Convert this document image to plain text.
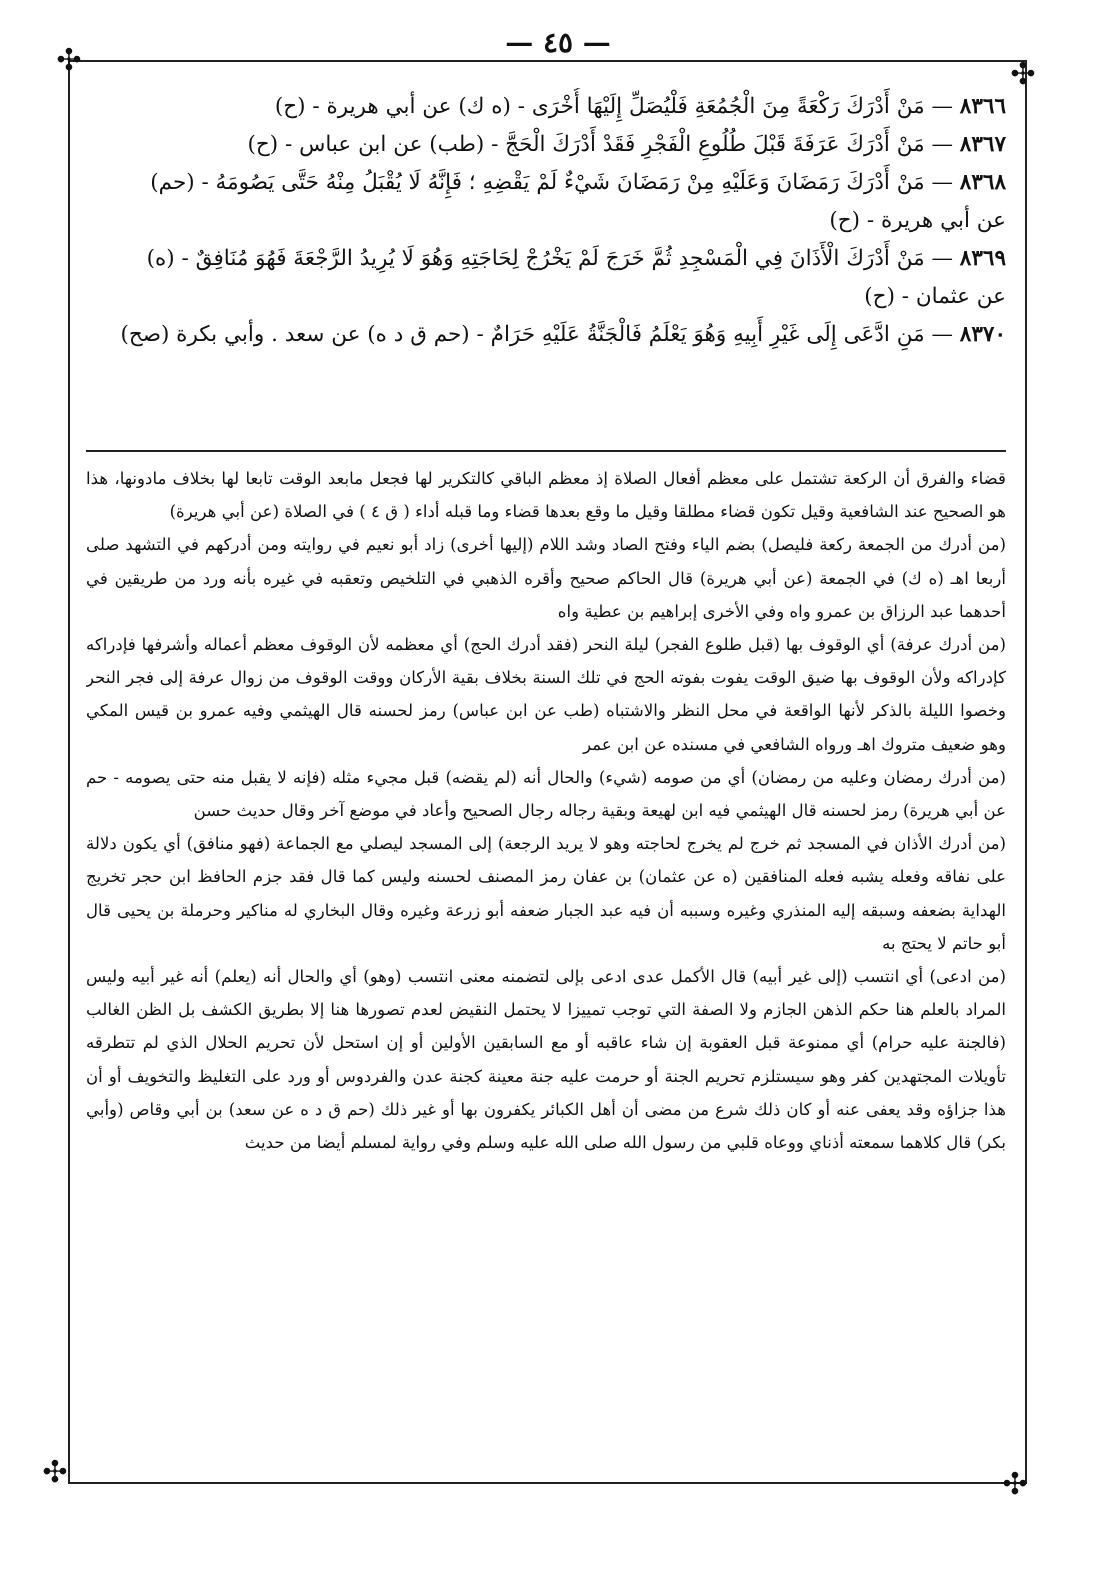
— ٤٥ —
✣	✣
✣	✣

٨٣٦٦ — مَنْ أَدْرَكَ رَكْعَةً مِنَ الْجُمُعَةِ فَلْيُصَلِّ إِلَيْهَا أُخْرَى - (ه ك) عن أبي هريرة - (ح)

٨٣٦٧ — مَنْ أَدْرَكَ عَرَفَةَ قَبْلَ طُلُوعِ الْفَجْرِ فَقَدْ أَدْرَكَ الْحَجَّ - (طب) عن ابن عباس - (ح)

٨٣٦٨ — مَنْ أَدْرَكَ رَمَضَانَ وَعَلَيْهِ مِنْ رَمَضَانَ شَيْءٌ لَمْ يَقْضِهِ ؛ فَإِنَّهُ لَا يُقْبَلُ مِنْهُ حَتَّى يَصُومَهُ - (حم)

عن أبي هريرة - (ح)

٨٣٦٩ — مَنْ أَدْرَكَ الْأَذَانَ فِي الْمَسْجِدِ ثُمَّ خَرَجَ لَمْ يَخْرُجْ لِحَاجَتِهِ وَهُوَ لَا يُرِيدُ الرَّجْعَةَ فَهُوَ مُنَافِقٌ - (ه)

عن عثمان - (ح)

٨٣٧٠ — مَنِ ادَّعَى إِلَى غَيْرِ أَبِيهِ وَهُوَ يَعْلَمُ فَالْجَنَّةُ عَلَيْهِ حَرَامٌ - (حم ق د ه) عن سعد . وأبي بكرة (صح)

قضاء والفرق أن الركعة تشتمل على معظم أفعال الصلاة إذ معظم الباقي كالتكرير لها فجعل مابعد الوقت تابعا لها بخلاف مادونها، هذا هو الصحيح عند الشافعية وقيل تكون قضاء مطلقا وقيل ما وقع بعدها قضاء وما قبله أداء ( ق ٤ ) في الصلاة (عن أبي هريرة)

(من أدرك من الجمعة ركعة فليصل) بضم الياء وفتح الصاد وشد اللام (إليها أخرى) زاد أبو نعيم في روايته ومن أدركهم في التشهد صلى أربعا اهـ (ه ك) في الجمعة (عن أبي هريرة) قال الحاكم صحيح وأقره الذهبي في التلخيص وتعقبه في غيره بأنه ورد من طريقين في أحدهما عبد الرزاق بن عمرو واه وفي الأخرى إبراهيم بن عطية واه

(من أدرك عرفة) أي الوقوف بها (قبل طلوع الفجر) ليلة النحر (فقد أدرك الحج) أي معظمه لأن الوقوف معظم أعماله وأشرفها فإدراكه كإدراكه ولأن الوقوف بها ضيق الوقت يفوت بفوته الحج في تلك السنة بخلاف بقية الأركان ووقت الوقوف من زوال عرفة إلى فجر النحر وخصوا الليلة بالذكر لأنها الواقعة في محل النظر والاشتباه (طب عن ابن عباس) رمز لحسنه قال الهيثمي وفيه عمرو بن قيس المكي وهو ضعيف متروك اهـ ورواه الشافعي في مسنده عن ابن عمر

(من أدرك رمضان وعليه من رمضان) أي من صومه (شيء) والحال أنه (لم يقضه) قبل مجيء مثله (فإنه لا يقبل منه حتى يصومه - حم عن أبي هريرة) رمز لحسنه قال الهيثمي فيه ابن لهيعة وبقية رجاله رجال الصحيح وأعاد في موضع آخر وقال حديث حسن

(من أدرك الأذان في المسجد ثم خرج لم يخرج لحاجته وهو لا يريد الرجعة) إلى المسجد ليصلي مع الجماعة (فهو منافق) أي يكون دلالة على نفاقه وفعله يشبه فعله المنافقين (ه عن عثمان) بن عفان رمز المصنف لحسنه وليس كما قال فقد جزم الحافظ ابن حجر تخريج الهداية بضعفه وسبقه إليه المنذري وغيره وسببه أن فيه عبد الجبار ضعفه أبو زرعة وغيره وقال البخاري له مناكير وحرملة بن يحيى قال أبو حاتم لا يحتج به

(من ادعى) أي انتسب (إلى غير أبيه) قال الأكمل عدى ادعى بإلى لتضمنه معنى انتسب (وهو) أي والحال أنه (يعلم) أنه غير أبيه وليس المراد بالعلم هنا حكم الذهن الجازم ولا الصفة التي توجب تمييزا لا يحتمل النقيض لعدم تصورها هنا إلا بطريق الكشف بل الظن الغالب (فالجنة عليه حرام) أي ممنوعة قبل العقوبة إن شاء عاقبه أو مع السابقين الأولين أو إن استحل لأن تحريم الحلال الذي لم تتطرقه تأويلات المجتهدين كفر وهو سيستلزم تحريم الجنة أو حرمت عليه جنة معينة كجنة عدن والفردوس أو ورد على التغليظ والتخويف أو أن هذا جزاؤه وقد يعفى عنه أو كان ذلك شرع من مضى أن أهل الكبائر يكفرون بها أو غير ذلك (حم ق د ه عن سعد) بن أبي وقاص (وأبي بكر) قال كلاهما سمعته أذناي ووعاه قلبي من رسول الله صلى الله عليه وسلم وفي رواية لمسلم أيضا من حديث
